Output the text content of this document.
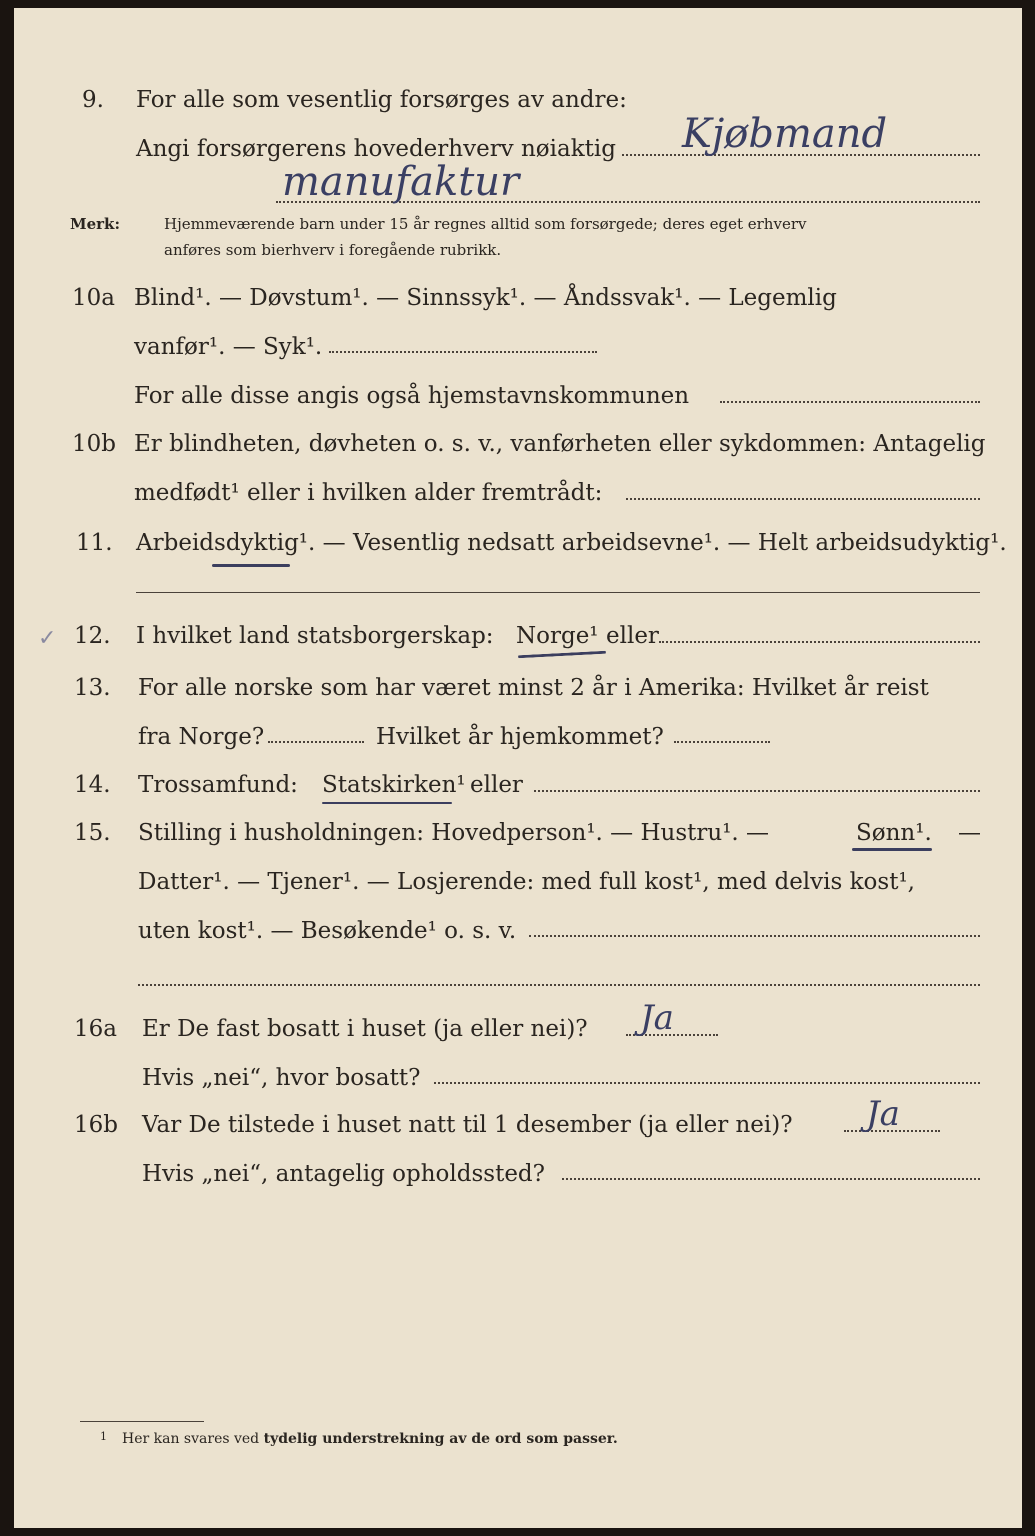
9. For alle som vesentlig forsørges av andre:
Angi forsørgerens hovederhverv nøiaktig Kjøbmand
manufaktur
Merk:	Hjemmeværende barn under 15 år regnes alltid som forsørgede; deres eget erhverv
anføres som bierhverv i foregående rubrikk.
10a Blind¹. — Døvstum¹. — Sinnssyk¹. — Åndssvak¹. — Legemlig
vanfør¹. — Syk¹.
For alle disse angis også hjemstavnskommunen
10b Er blindheten, døvheten o. s. v., vanførheten eller sykdommen: Antagelig
medfødt¹ eller i hvilken alder fremtrådt:
11. Arbeidsdyktig¹. — Vesentlig nedsatt arbeidsevne¹. — Helt arbeidsudyktig¹.
✓ 12. I hvilket land statsborgerskap: Norge¹ eller
13. For alle norske som har været minst 2 år i Amerika: Hvilket år reist
fra Norge?	Hvilket år hjemkommet?
14. Trossamfund: Statskirken¹ eller
15. Stilling i husholdningen: Hovedperson¹. — Hustru¹. —	Sønn¹. —
Datter¹. — Tjener¹. — Losjerende: med full kost¹, med delvis kost¹,
uten kost¹. — Besøkende¹ o. s. v.
16a Er De fast bosatt i huset (ja eller nei)? Ja
Hvis „nei“, hvor bosatt?
16b Var De tilstede i huset natt til 1 desember (ja eller nei)? Ja
Hvis „nei“, antagelig opholdssted?
1 Her kan svares ved tydelig understrekning av de ord som passer.
